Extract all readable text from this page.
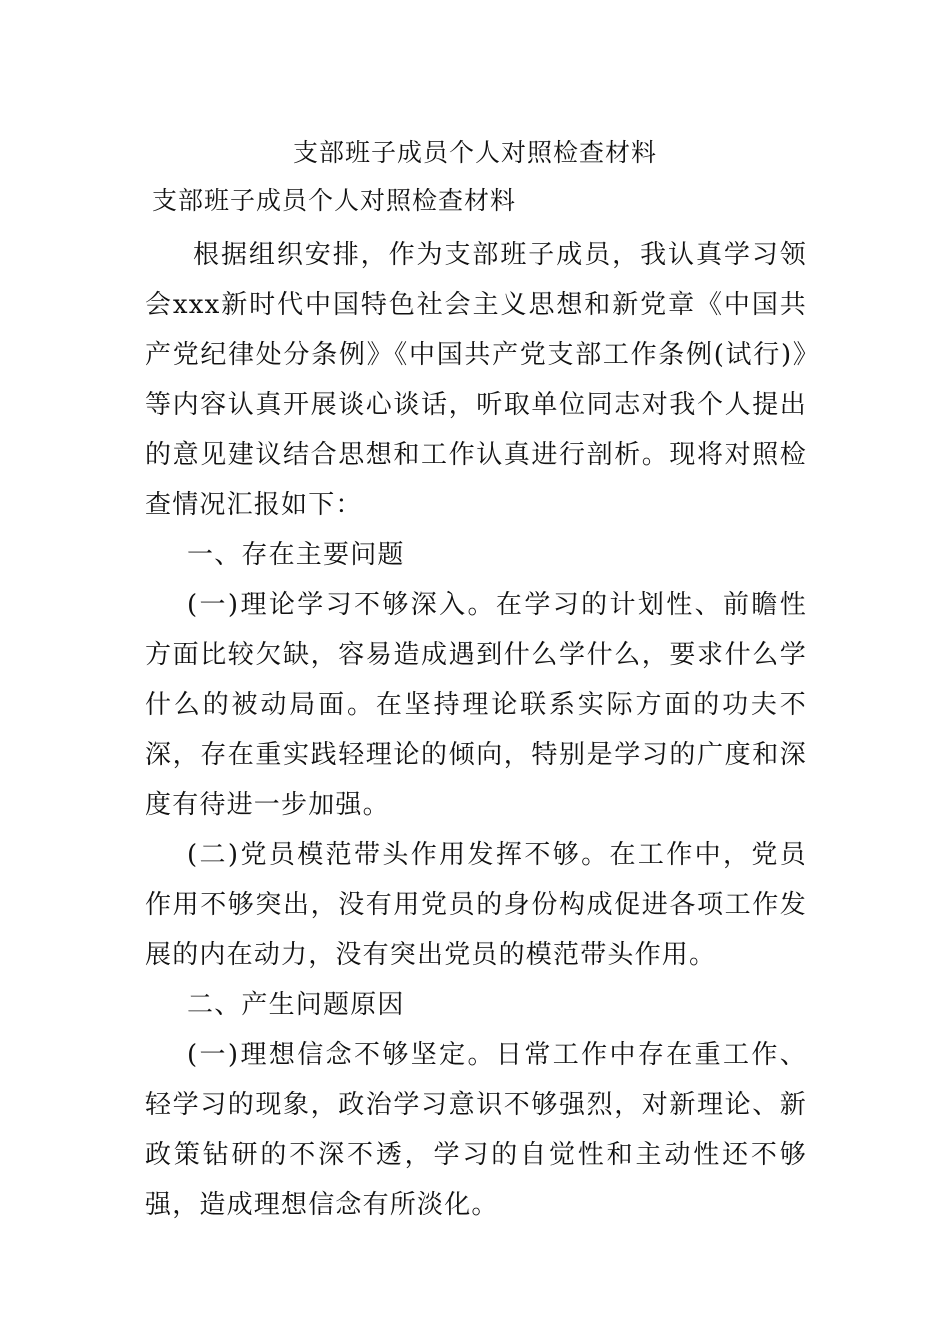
支部班子成员个人对照检查材料
支部班子成员个人对照检查材料

根据组织安排，作为支部班子成员，我认真学习领会xxx新时代中国特色社会主义思想和新党章《中国共产党纪律处分条例》《中国共产党支部工作条例(试行)》等内容认真开展谈心谈话，听取单位同志对我个人提出的意见建议结合思想和工作认真进行剖析。现将对照检查情况汇报如下：

一、存在主要问题

(一)理论学习不够深入。在学习的计划性、前瞻性方面比较欠缺，容易造成遇到什么学什么，要求什么学什么的被动局面。在坚持理论联系实际方面的功夫不深，存在重实践轻理论的倾向，特别是学习的广度和深度有待进一步加强。

(二)党员模范带头作用发挥不够。在工作中，党员作用不够突出，没有用党员的身份构成促进各项工作发展的内在动力，没有突出党员的模范带头作用。

二、产生问题原因

(一)理想信念不够坚定。日常工作中存在重工作、轻学习的现象，政治学习意识不够强烈，对新理论、新政策钻研的不深不透，学习的自觉性和主动性还不够强，造成理想信念有所淡化。
